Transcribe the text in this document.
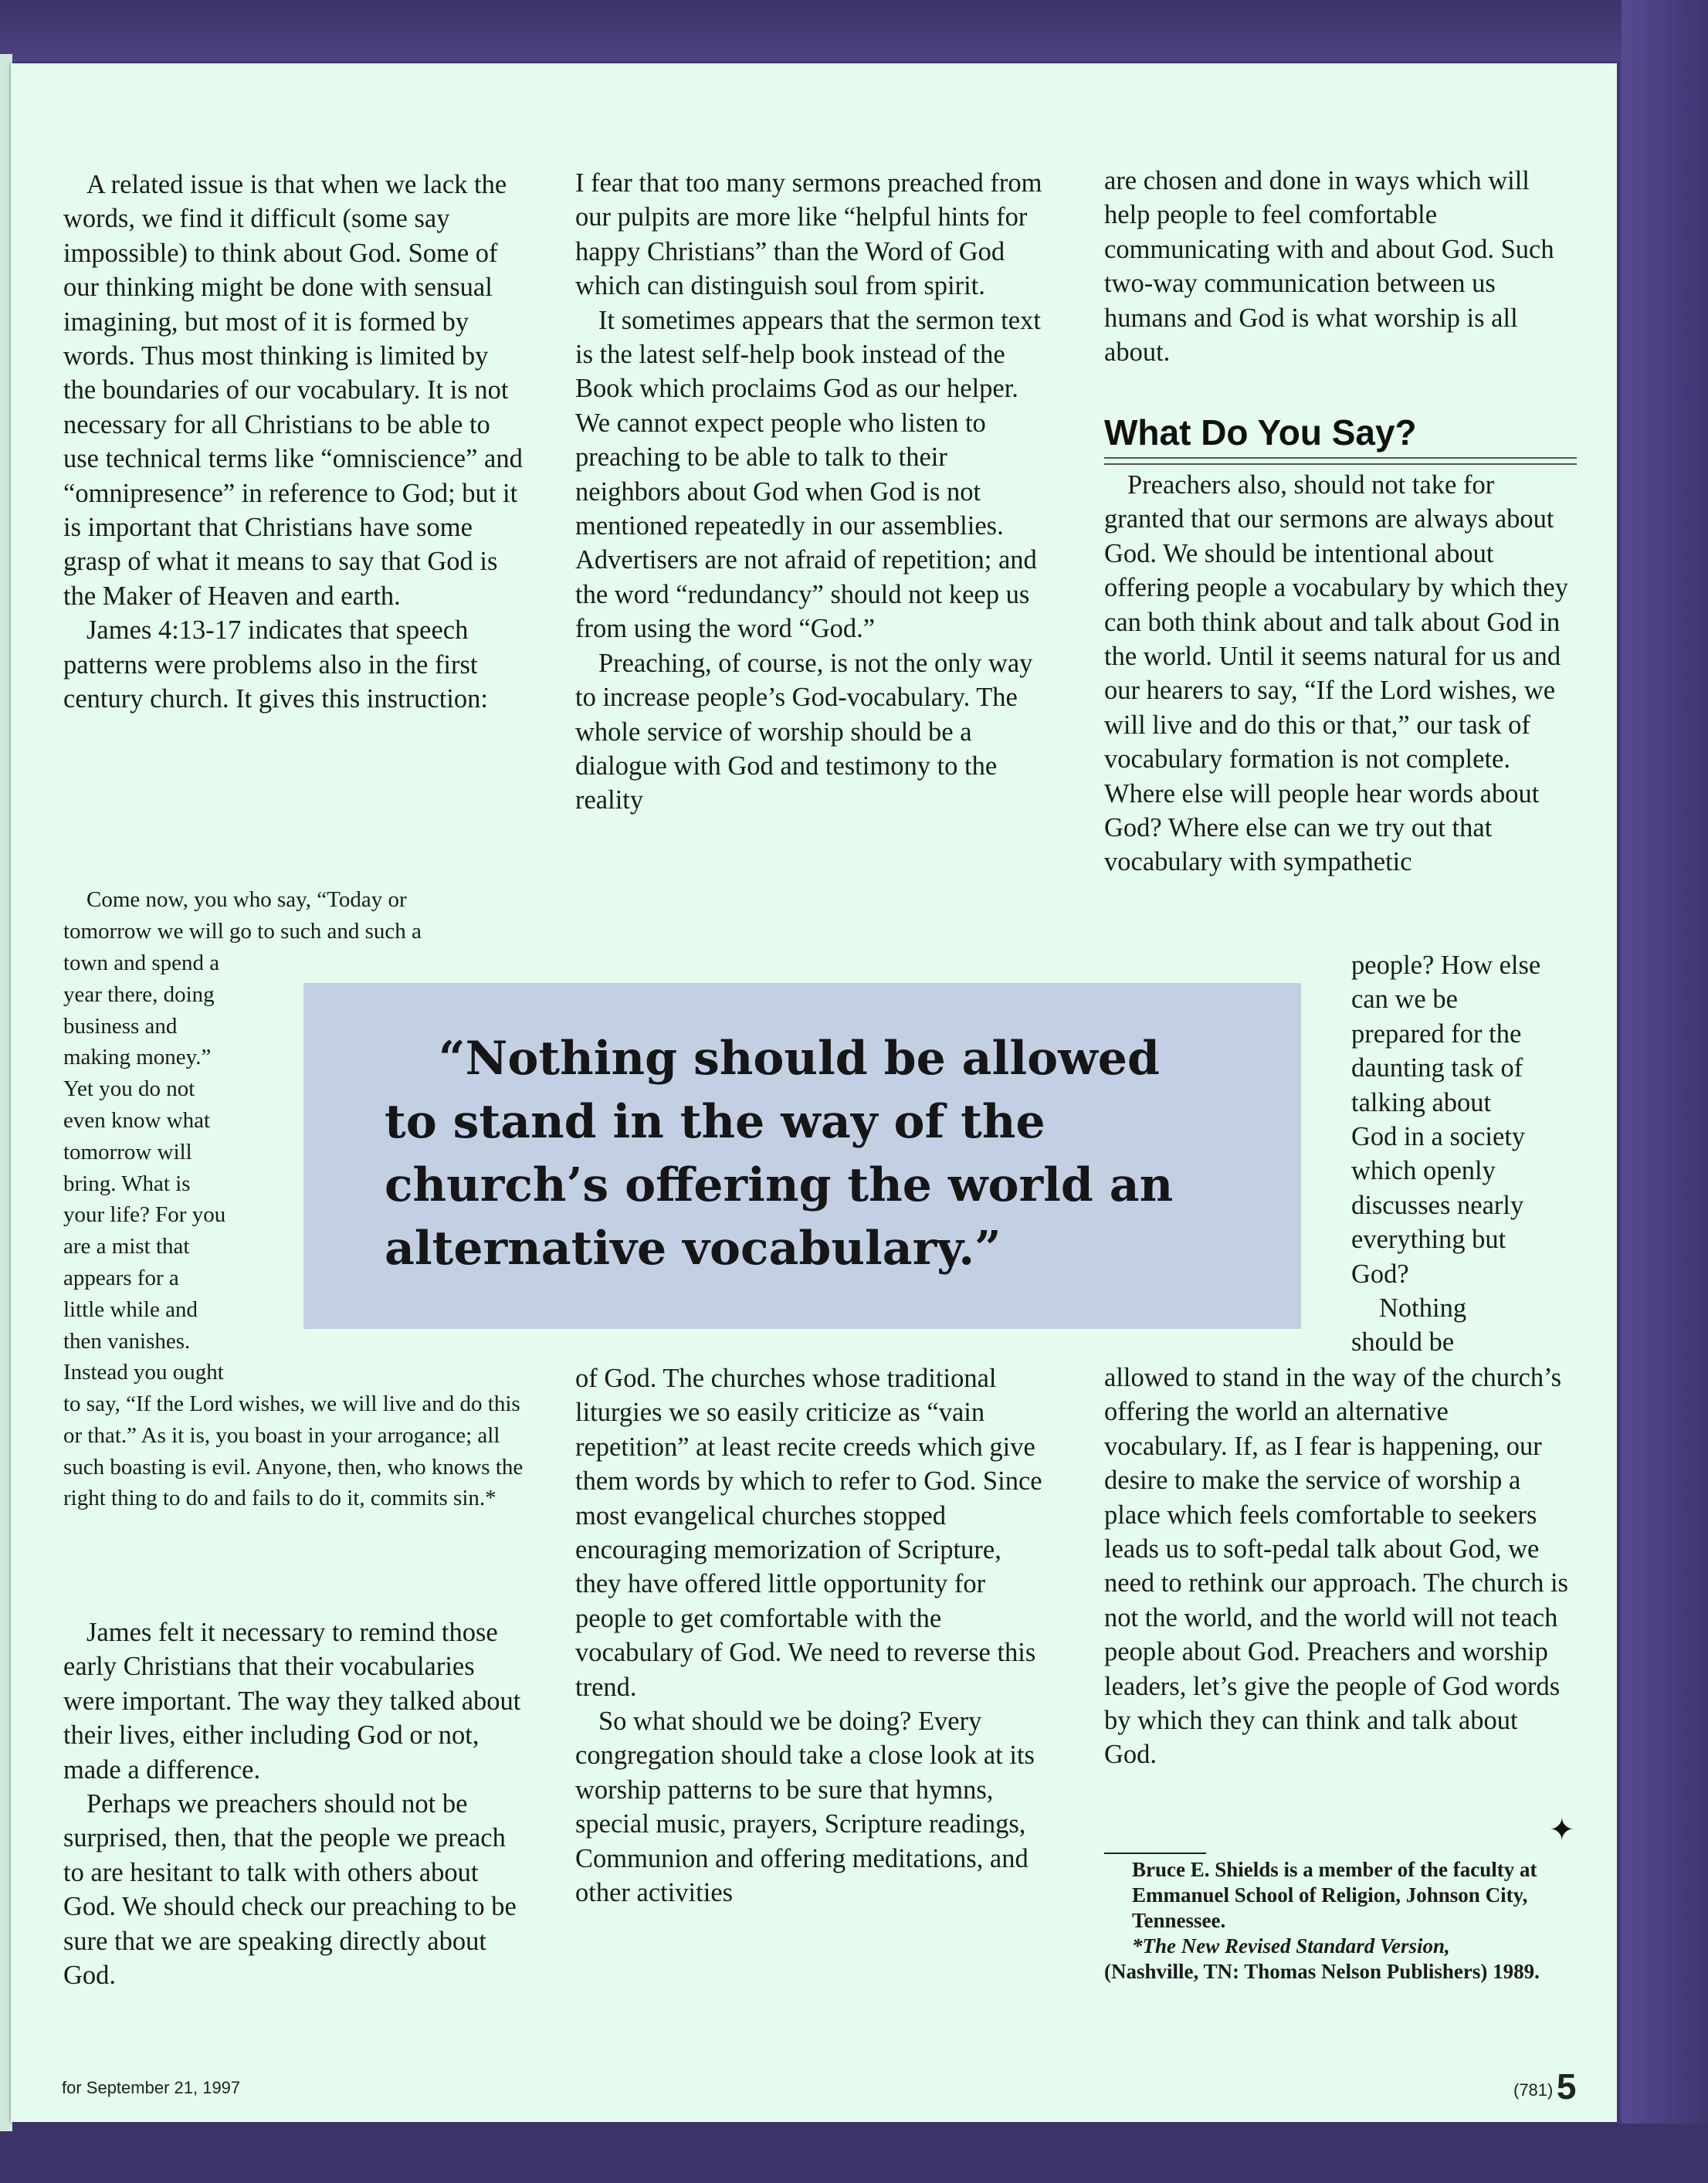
A related issue is that when we lack the words, we find it difficult (some say impossible) to think about God. Some of our thinking might be done with sensual imagining, but most of it is formed by words. Thus most thinking is limited by the boundaries of our vocabulary. It is not necessary for all Christians to be able to use technical terms like “omniscience” and “omnipresence” in reference to God; but it is important that Christians have some grasp of what it means to say that God is the Maker of Heaven and earth.

James 4:13-17 indicates that speech patterns were problems also in the first century church. It gives this instruction:

Come now, you who say, “Today or

tomorrow we will go to such and such a

town and spend a

year there, doing

business and

making money.”

Yet you do not

even know what

tomorrow will

bring. What is

your life? For you

are a mist that

appears for a

little while and

then vanishes.

Instead you ought

to say, “If the Lord wishes, we will live and do this or that.” As it is, you boast in your arrogance; all such boasting is evil. Anyone, then, who knows the right thing to do and fails to do it, commits sin.*

James felt it necessary to remind those early Christians that their vocabularies were important. The way they talked about their lives, either including God or not, made a difference.

Perhaps we preachers should not be surprised, then, that the people we preach to are hesitant to talk with others about God. We should check our preaching to be sure that we are speaking directly about God.

I fear that too many sermons preached from our pulpits are more like “helpful hints for happy Christians” than the Word of God which can distinguish soul from spirit.

It sometimes appears that the sermon text is the latest self-help book instead of the Book which proclaims God as our helper. We cannot expect people who listen to preaching to be able to talk to their neighbors about God when God is not mentioned repeatedly in our assemblies. Advertisers are not afraid of repetition; and the word “redundancy” should not keep us from using the word “God.”

Preaching, of course, is not the only way to increase people’s God-vocabulary. The whole service of worship should be a dialogue with God and testimony to the reality

of God. The churches whose traditional liturgies we so easily criticize as “vain repetition” at least recite creeds which give them words by which to refer to God. Since most evangelical churches stopped encouraging memorization of Scripture, they have offered little opportunity for people to get comfortable with the vocabulary of God. We need to reverse this trend.

So what should we be doing? Every congregation should take a close look at its worship patterns to be sure that hymns, special music, prayers, Scripture readings, Communion and offering meditations, and other activities

are chosen and done in ways which will help people to feel comfortable communicating with and about God. Such two-way communication between us humans and God is what worship is all about.

What Do You Say?

Preachers also, should not take for granted that our sermons are always about God. We should be intentional about offering people a vocabulary by which they can both think about and talk about God in the world. Until it seems natural for us and our hearers to say, “If the Lord wishes, we will live and do this or that,” our task of vocabulary formation is not complete. Where else will people hear words about God? Where else can we try out that vocabulary with sympathetic

people? How else

can we be

prepared for the

daunting task of

talking about

God in a society

which openly

discusses nearly

everything but

God?

Nothing

should be

allowed to stand in the way of the church’s offering the world an alternative vocabulary. If, as I fear is happening, our desire to make the service of worship a place which feels comfortable to seekers leads us to soft-pedal talk about God, we need to rethink our approach. The church is not the world, and the world will not teach people about God. Preachers and worship leaders, let’s give the people of God words by which they can think and talk about God.

✦

Bruce E. Shields is a member of the faculty at Emmanuel School of Religion, Johnson City, Tennessee.

*The New Revised Standard Version,

(Nashville, TN: Thomas Nelson Publishers) 1989.

“Nothing should be allowed
to stand in the way of the
church’s offering the world an
alternative vocabulary.”
for September 21, 1997	(781) 5
